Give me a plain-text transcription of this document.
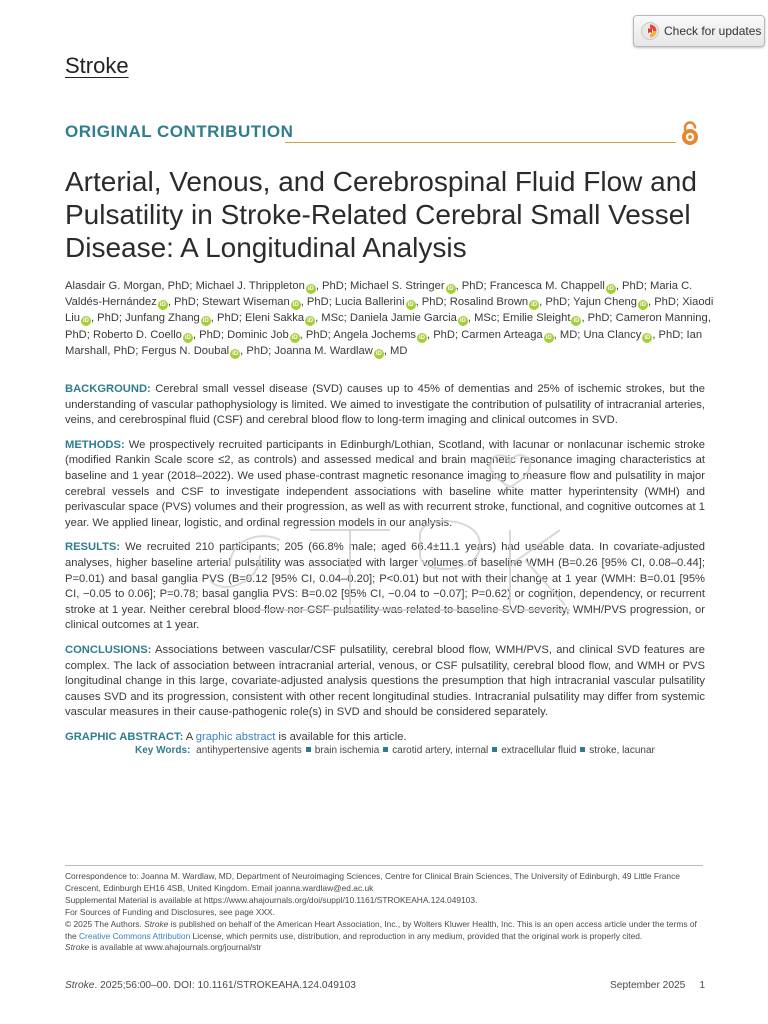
Stroke
Check for updates
ORIGINAL CONTRIBUTION
Arterial, Venous, and Cerebrospinal Fluid Flow and Pulsatility in Stroke-Related Cerebral Small Vessel Disease: A Longitudinal Analysis
Alasdair G. Morgan, PhD; Michael J. Thrippleton iD , PhD; Michael S. Stringer iD , PhD; Francesca M. Chappell iD , PhD; Maria C. Valdés-Hernández iD , PhD; Stewart Wiseman iD , PhD; Lucia Ballerini iD , PhD; Rosalind Brown iD , PhD; Yajun Cheng iD , PhD; Xiaodi Liu iD , PhD; Junfang Zhang iD , PhD; Eleni Sakka iD , MSc; Daniela Jamie Garcia iD , MSc; Emilie Sleight iD , PhD; Cameron Manning, PhD; Roberto D. Coello iD , PhD; Dominic Job iD , PhD; Angela Jochems iD , PhD; Carmen Arteaga iD , MD; Una Clancy iD , PhD; Ian Marshall, PhD; Fergus N. Doubal iD , PhD; Joanna M. Wardlaw iD , MD

BACKGROUND: Cerebral small vessel disease (SVD) causes up to 45% of dementias and 25% of ischemic strokes, but the understanding of vascular pathophysiology is limited. We aimed to investigate the contribution of pulsatility of intracranial arteries, veins, and cerebrospinal fluid (CSF) and cerebral blood flow to long-term imaging and clinical outcomes in SVD.

METHODS: We prospectively recruited participants in Edinburgh/Lothian, Scotland, with lacunar or nonlacunar ischemic stroke (modified Rankin Scale score ≤2, as controls) and assessed medical and brain magnetic resonance imaging characteristics at baseline and 1 year (2018–2022). We used phase-contrast magnetic resonance imaging to measure flow and pulsatility in major cerebral vessels and CSF to investigate independent associations with baseline white matter hyperintensity (WMH) and perivascular space (PVS) volumes and their progression, as well as with recurrent stroke, functional, and cognitive outcomes at 1 year. We applied linear, logistic, and ordinal regression models in our analysis.

RESULTS: We recruited 210 participants; 205 (66.8% male; aged 66.4±11.1 years) had useable data. In covariate-adjusted analyses, higher baseline arterial pulsatility was associated with larger volumes of baseline WMH (B=0.26 [95% CI, 0.08–0.44]; P=0.01) and basal ganglia PVS (B=0.12 [95% CI, 0.04–0.20]; P<0.01) but not with their change at 1 year (WMH: B=0.01 [95% CI, −0.05 to 0.06]; P=0.78; basal ganglia PVS: B=0.02 [95% CI, −0.04 to −0.07]; P=0.62) or cognition, dependency, or recurrent stroke at 1 year. Neither cerebral blood flow nor CSF pulsatility was related to baseline SVD severity, WMH/PVS progression, or clinical outcomes at 1 year.

CONCLUSIONS: Associations between vascular/CSF pulsatility, cerebral blood flow, WMH/PVS, and clinical SVD features are complex. The lack of association between intracranial arterial, venous, or CSF pulsatility, cerebral blood flow, and WMH or PVS longitudinal change in this large, covariate-adjusted analysis questions the presumption that high intracranial vascular pulsatility causes SVD and its progression, consistent with other recent longitudinal studies. Intracranial pulsatility may differ from systemic vascular measures in their cause-pathogenic role(s) in SVD and should be considered separately.

GRAPHIC ABSTRACT: A graphic abstract is available for this article.

Key Words: antihypertensive agents brain ischemia carotid artery, internal extracellular fluid stroke, lacunar

Correspondence to: Joanna M. Wardlaw, MD, Department of Neuroimaging Sciences, Centre for Clinical Brain Sciences, The University of Edinburgh, 49 Little France Crescent, Edinburgh EH16 4SB, United Kingdom. Email joanna.wardlaw@ed.ac.uk

Supplemental Material is available at https://www.ahajournals.org/doi/suppl/10.1161/STROKEAHA.124.049103.

For Sources of Funding and Disclosures, see page XXX.

© 2025 The Authors. Stroke is published on behalf of the American Heart Association, Inc., by Wolters Kluwer Health, Inc. This is an open access article under the terms of the Creative Commons Attribution License, which permits use, distribution, and reproduction in any medium, provided that the original work is properly cited.

Stroke is available at www.ahajournals.org/journal/str

Stroke. 2025;56:00–00. DOI: 10.1161/STROKEAHA.124.049103	September 2025 1
